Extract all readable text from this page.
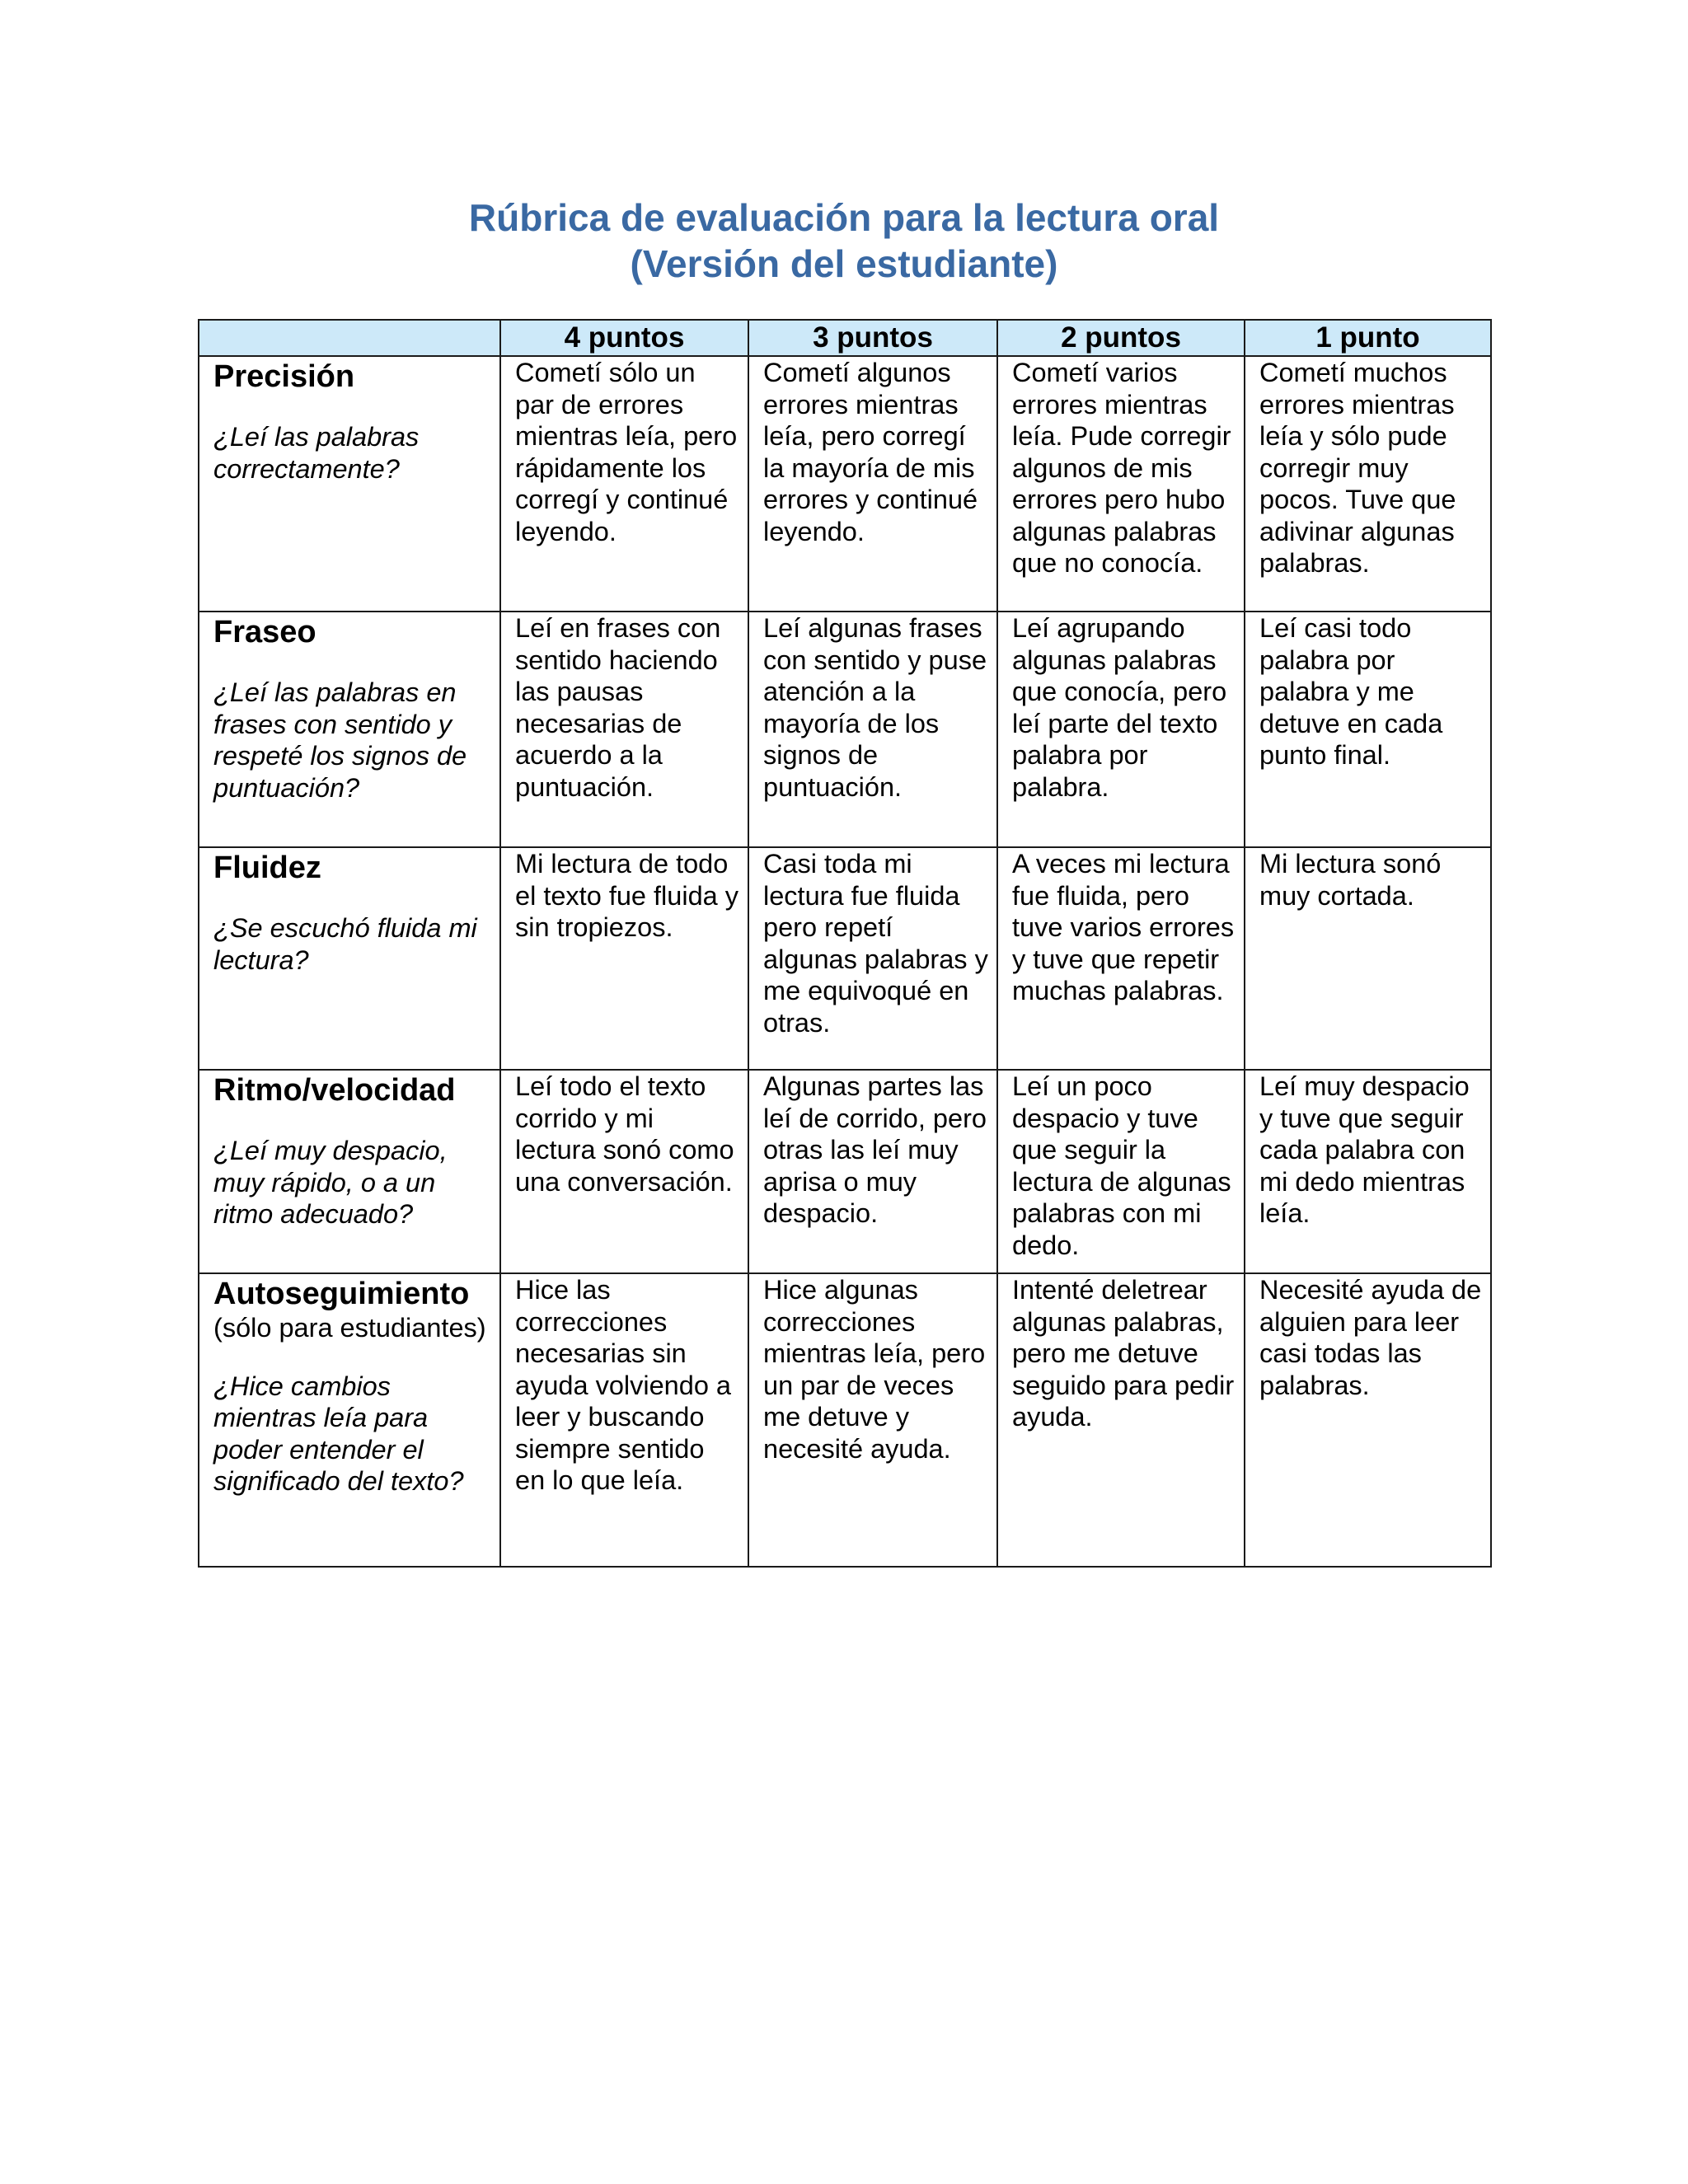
Rúbrica de evaluación para la lectura oral
(Versión del estudiante)
	4 puntos	3 puntos	2 puntos	1 punto

Precisión
¿Leí las palabras correctamente?	Cometí sólo un par de errores mientras leía, pero rápidamente los corregí y continué leyendo.	Cometí algunos errores mientras leía, pero corregí la mayoría de mis errores y continué leyendo.	Cometí varios errores mientras leía. Pude corregir algunos de mis errores pero hubo algunas palabras que no conocía.	Cometí muchos errores mientras leía y sólo pude corregir muy pocos. Tuve que adivinar algunas palabras.

Fraseo
¿Leí las palabras en frases con sentido y respeté los signos de puntuación?	Leí en frases con sentido haciendo las pausas necesarias de acuerdo a la puntuación.	Leí algunas frases con sentido y puse atención a la mayoría de los signos de puntuación.	Leí agrupando algunas palabras que conocía, pero leí parte del texto palabra por palabra.	Leí casi todo palabra por palabra y me detuve en cada punto final.

Fluidez
¿Se escuchó fluida mi lectura?	Mi lectura de todo el texto fue fluida y sin tropiezos.	Casi toda mi lectura fue fluida pero repetí algunas palabras y me equivoqué en otras.	A veces mi lectura fue fluida, pero tuve varios errores y tuve que repetir muchas palabras.	Mi lectura sonó muy cortada.

Ritmo/velocidad
¿Leí muy despacio, muy rápido, o a un ritmo adecuado?	Leí todo el texto corrido y mi lectura sonó como una conversación.	Algunas partes las leí de corrido, pero otras las leí muy aprisa o muy despacio.	Leí un poco despacio y tuve que seguir la lectura de algunas palabras con mi dedo.	Leí muy despacio y tuve que seguir cada palabra con mi dedo mientras leía.

Autoseguimiento
(sólo para estudiantes)
¿Hice cambios mientras leía para poder entender el significado del texto?	Hice las correcciones necesarias sin ayuda volviendo a leer y buscando siempre sentido en lo que leía.	Hice algunas correcciones mientras leía, pero un par de veces me detuve y necesité ayuda.	Intenté deletrear algunas palabras, pero me detuve seguido para pedir ayuda.	Necesité ayuda de alguien para leer casi todas las palabras.
